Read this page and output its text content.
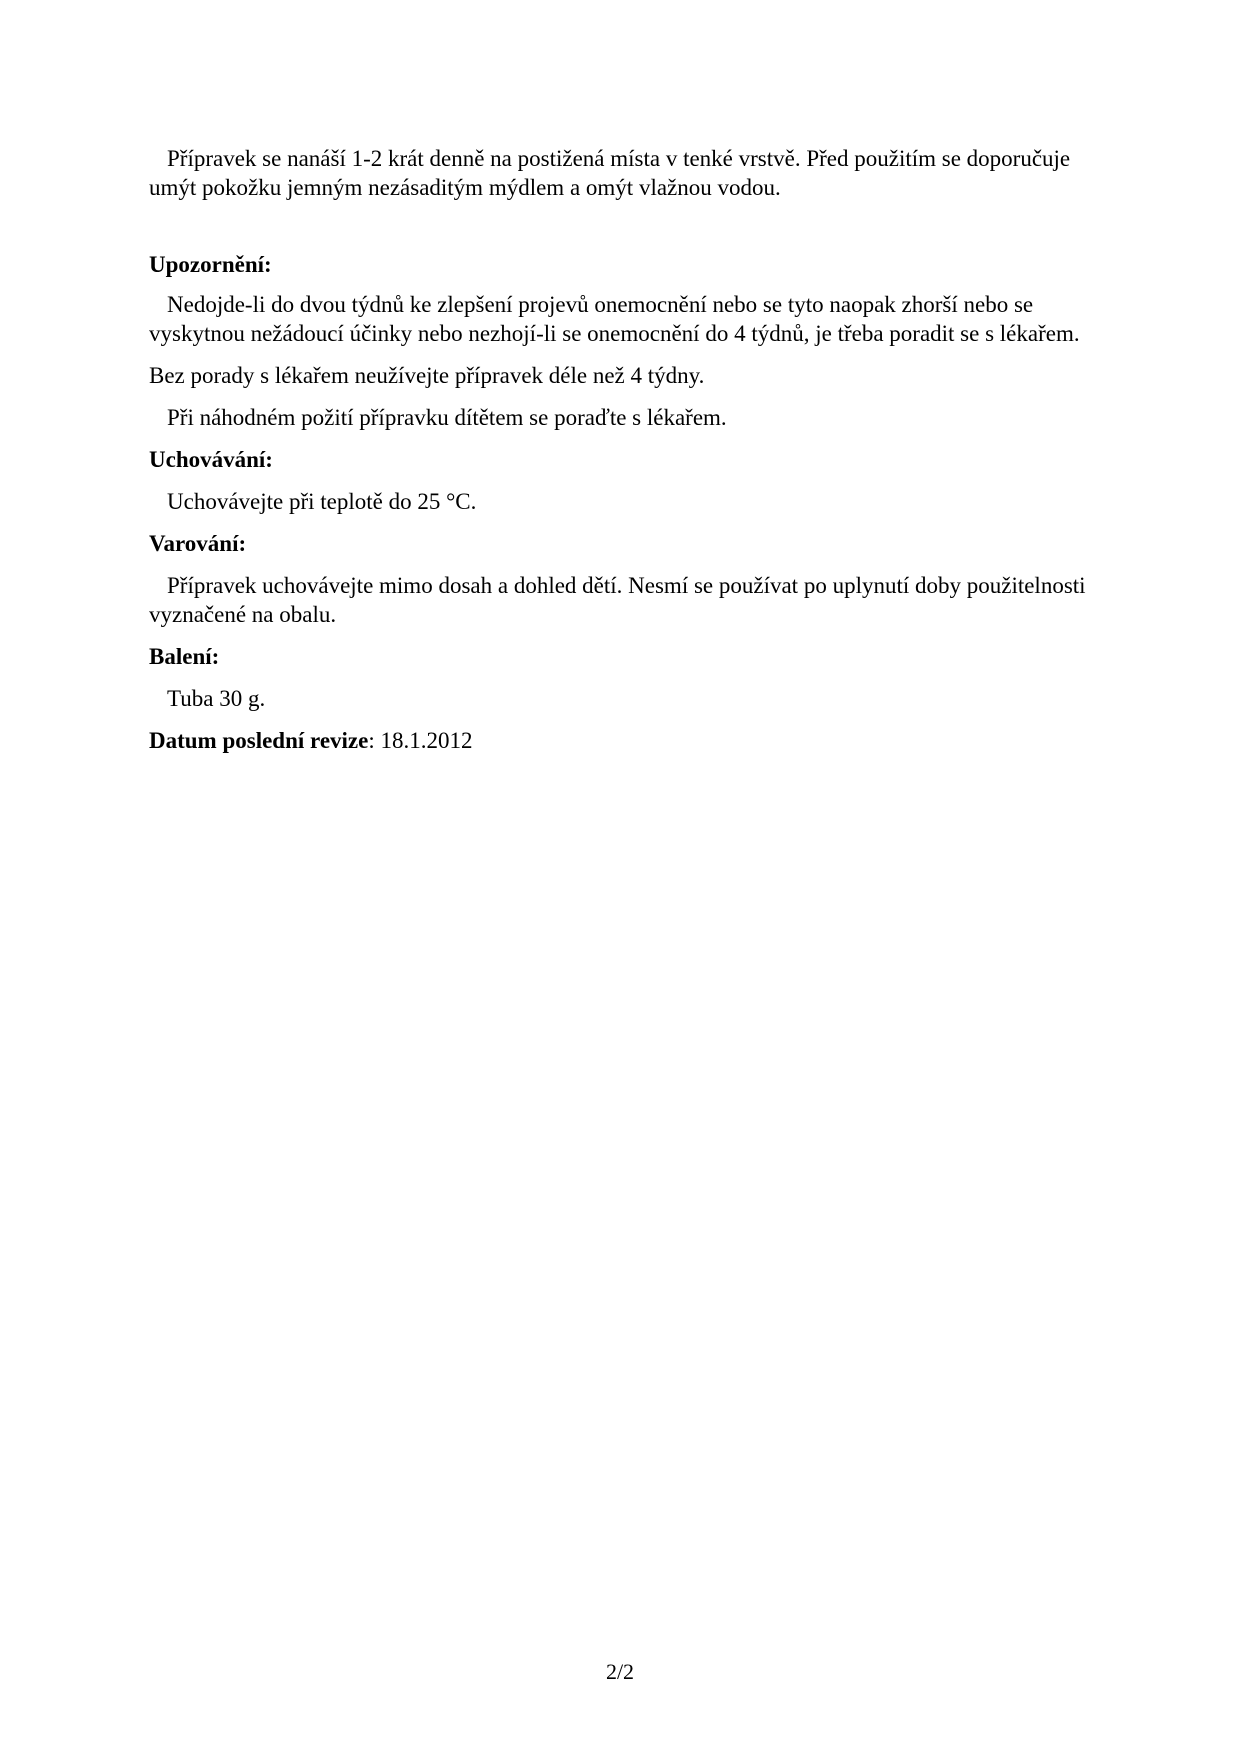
Přípravek se nanáší 1-2 krát denně na postižená místa v tenké vrstvě. Před použitím se doporučuje umýt pokožku jemným nezásaditým mýdlem a omýt vlažnou vodou.

Upozornění:

Nedojde-li do dvou týdnů ke zlepšení projevů onemocnění nebo se tyto naopak zhorší nebo se vyskytnou nežádoucí účinky nebo nezhojí-li se onemocnění do 4 týdnů, je třeba poradit se s lékařem.

Bez porady s lékařem neužívejte přípravek déle než 4 týdny.

Při náhodném požití přípravku dítětem se poraďte s lékařem.

Uchovávání:

Uchovávejte při teplotě do 25 °C.

Varování:

Přípravek uchovávejte mimo dosah a dohled dětí. Nesmí se používat po uplynutí doby použitelnosti vyznačené na obalu.

Balení:

Tuba 30 g.

Datum poslední revize: 18.1.2012

2/2
